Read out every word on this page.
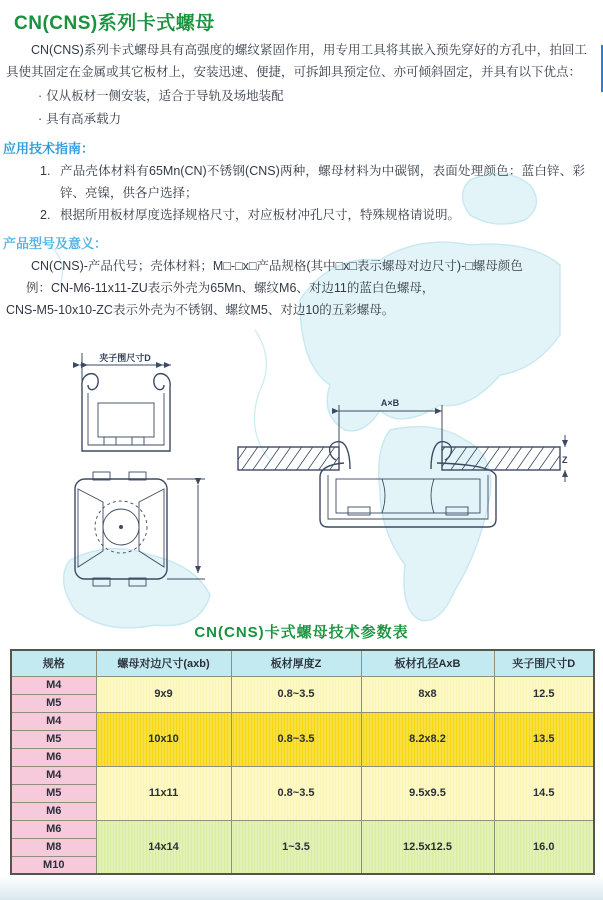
CN(CNS)系列卡式螺母

CN(CNS)系列卡式螺母具有高强度的螺纹紧固作用，用专用工具将其嵌入预先穿好的方孔中，拍回工具使其固定在金属或其它板材上，安装迅速、便捷，可拆卸具预定位、亦可倾斜固定，并具有以下优点：

· 仅从板材一侧安装，适合于导轨及场地装配
· 具有高承载力
应用技术指南：
1. 产品壳体材料有65Mn(CN)不锈钢(CNS)两种，螺母材料为中碳钢，表面处理颜色：蓝白锌、彩锌、亮镍，供各户选择；
2. 根据所用板材厚度选择规格尺寸，对应板材冲孔尺寸，特殊规格请说明。
产品型号及意义：

CN(CNS)-产品代号；壳体材料；M□-□x□产品规格(其中□x□表示螺母对边尺寸)-□螺母颜色

例：CN-M6-11x11-ZU表示外壳为65Mn、螺纹M6、对边11的蓝白色螺母，

CNS-M5-10x10-ZC表示外壳为不锈钢、螺纹M5、对边10的五彩螺母。

夹子围尺寸D
A×B
Z
CN(CNS)卡式螺母技术参数表
规格	螺母对边尺寸(axb)	板材厚度Z	板材孔径AxB	夹子围尺寸D
M4	9x9	0.8~3.5	8x8	12.5
M5				
M4	10x10	0.8~3.5	8.2x8.2	13.5
M5				
M6				
M4	11x11	0.8~3.5	9.5x9.5	14.5
M5				
M6				
M6	14x14	1~3.5	12.5x12.5	16.0
M8				
M10				
